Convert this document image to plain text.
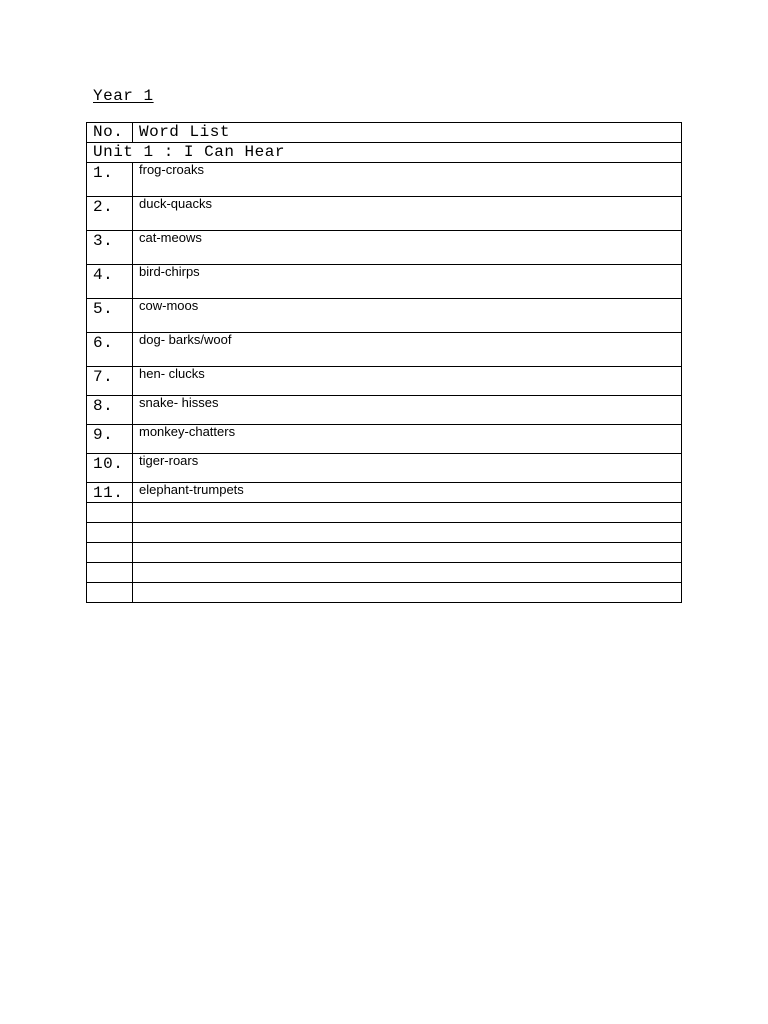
Year 1
No.	Word List
Unit 1 : I Can Hear	

1.	frog-croaks

2.	duck-quacks

3.	cat-meows

4.	bird-chirps

5.	cow-moos

6.	dog- barks/woof

7.	hen- clucks

8.	snake- hisses

9.	monkey-chatters

10.	tiger-roars

11.	elephant-trumpets
